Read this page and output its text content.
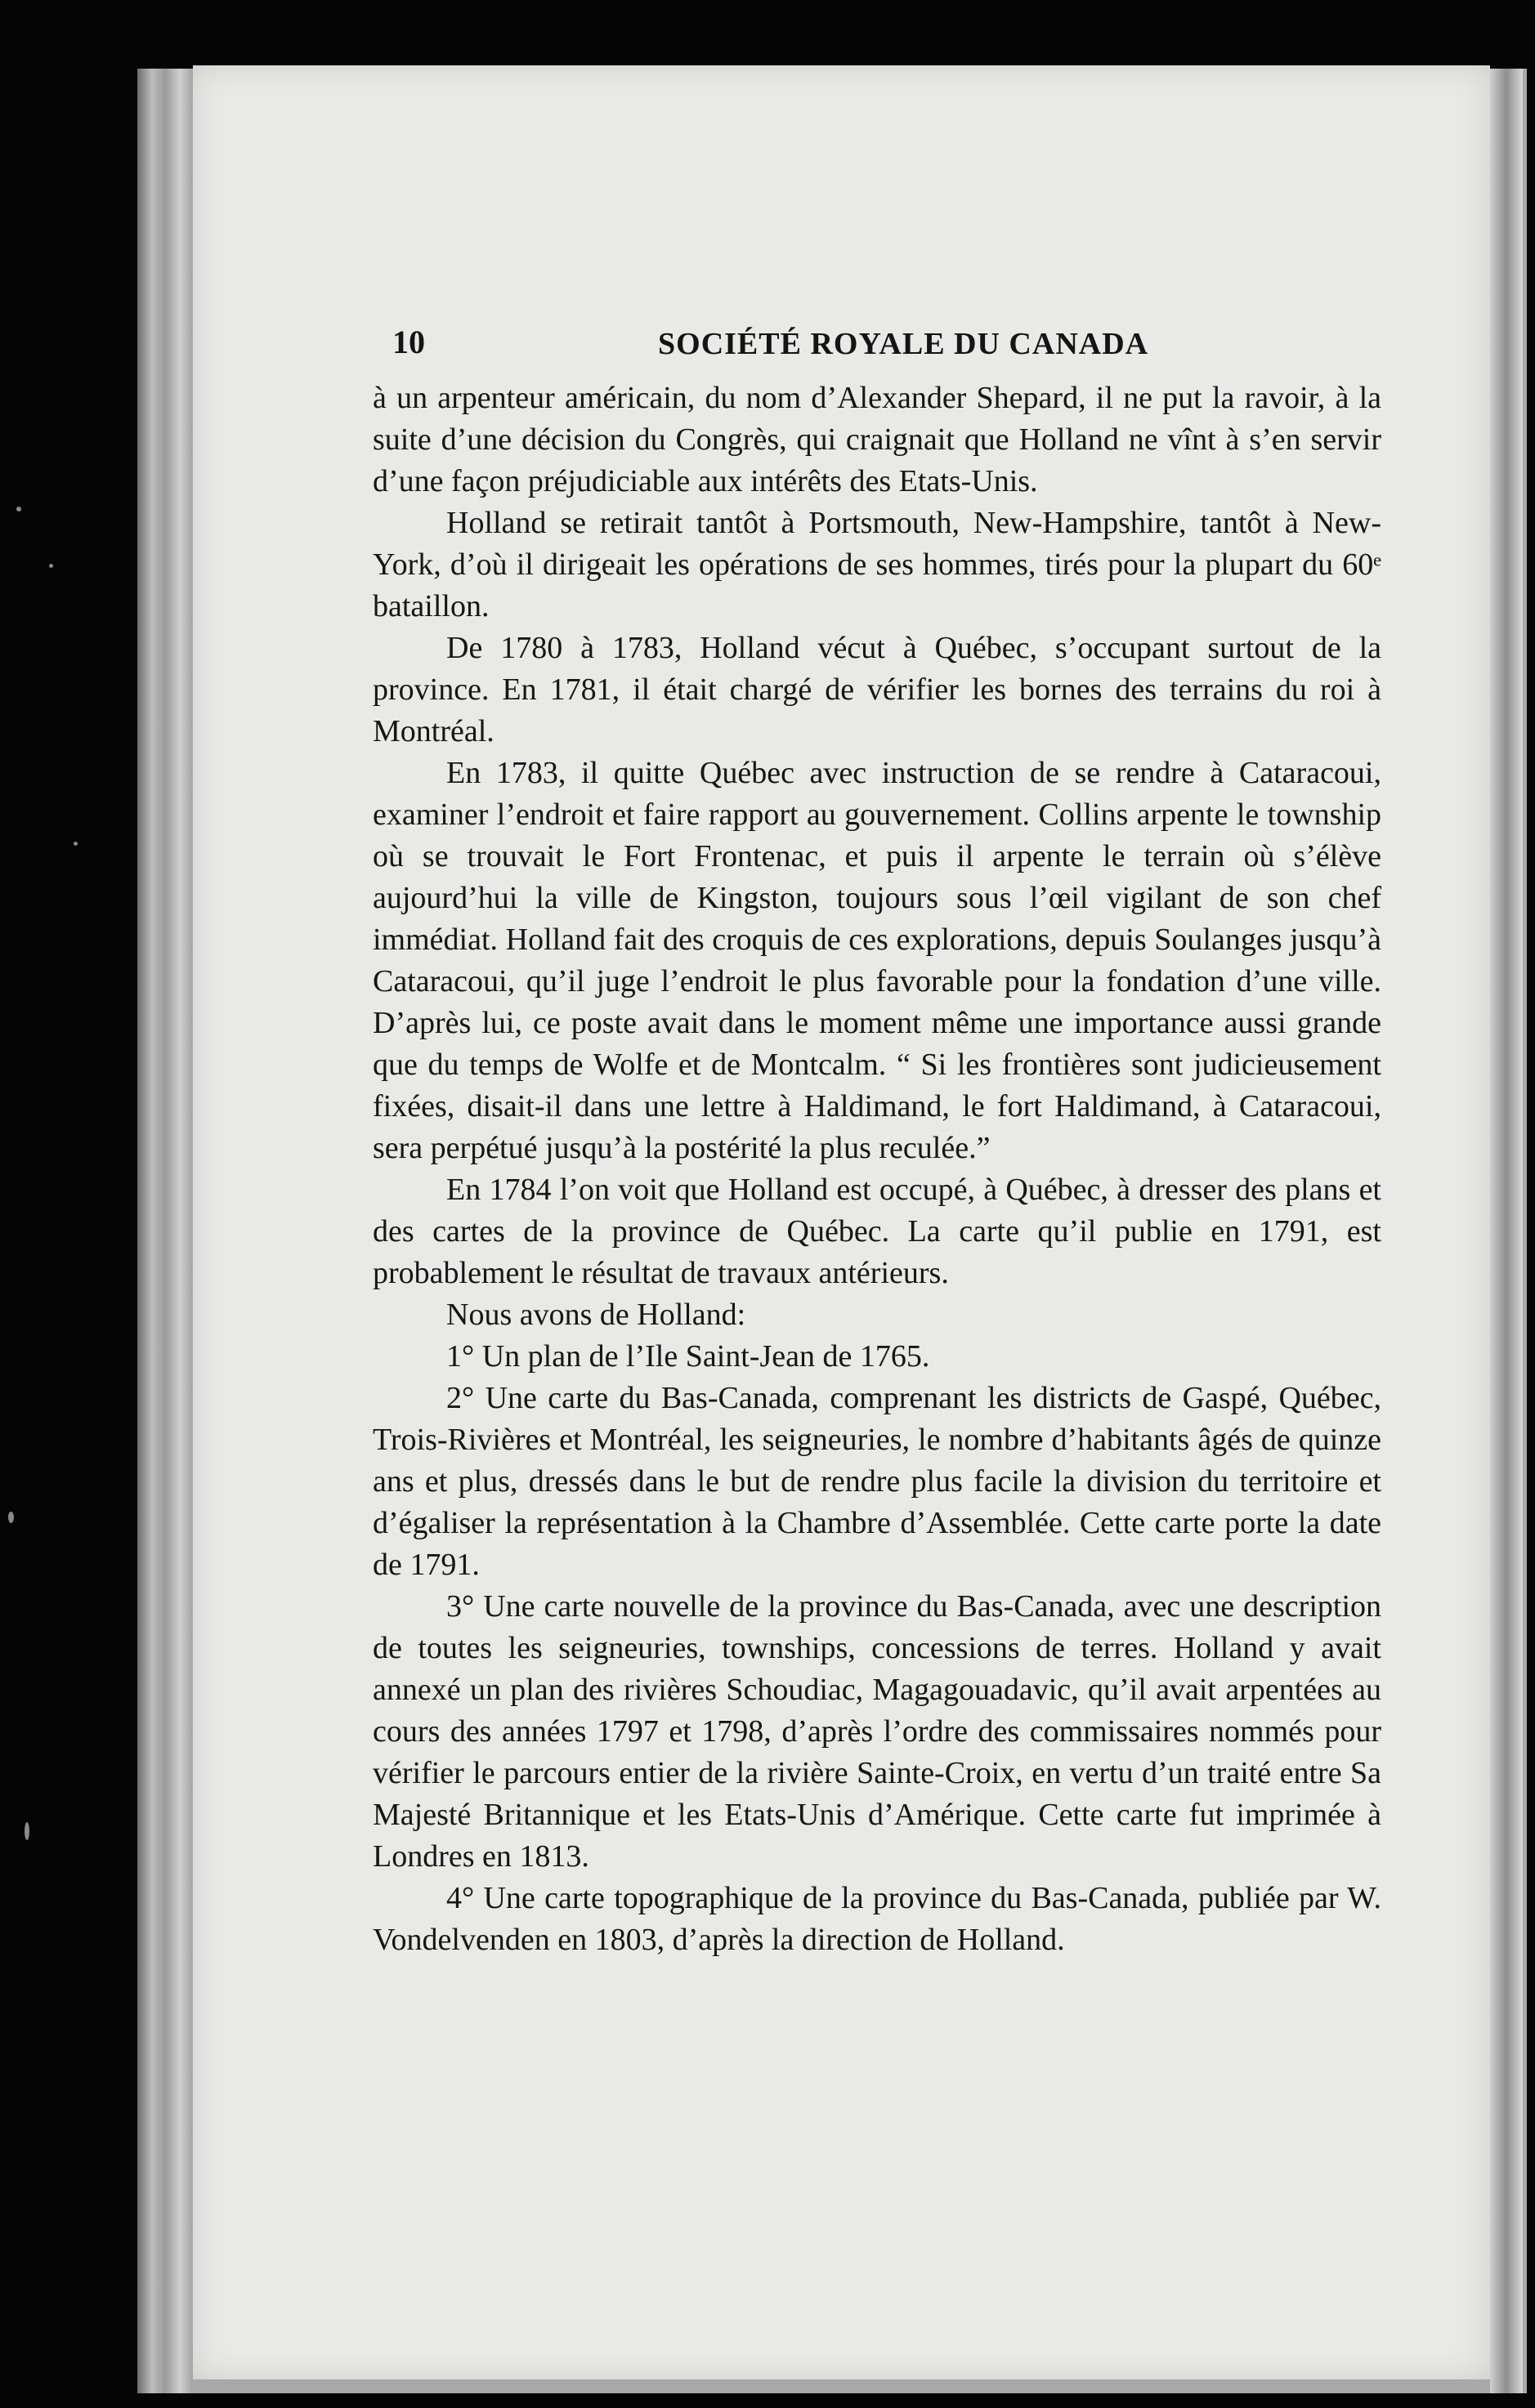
10	SOCIÉTÉ ROYALE DU CANADA

à un arpenteur américain, du nom d’Alexander Shepard, il ne put la ravoir, à la suite d’une décision du Congrès, qui craignait que Holland ne vînt à s’en servir d’une façon préjudiciable aux intérêts des Etats-Unis.

Holland se retirait tantôt à Portsmouth, New-Hampshire, tantôt à New-York, d’où il dirigeait les opérations de ses hommes, tirés pour la plupart du 60ᵉ bataillon.

De 1780 à 1783, Holland vécut à Québec, s’occupant surtout de la province. En 1781, il était chargé de vérifier les bornes des terrains du roi à Montréal.

En 1783, il quitte Québec avec instruction de se rendre à Cataracoui, examiner l’endroit et faire rapport au gouvernement. Collins arpente le township où se trouvait le Fort Frontenac, et puis il arpente le terrain où s’élève aujourd’hui la ville de Kingston, toujours sous l’œil vigilant de son chef immédiat. Holland fait des croquis de ces explorations, depuis Soulanges jusqu’à Cataracoui, qu’il juge l’endroit le plus favorable pour la fondation d’une ville. D’après lui, ce poste avait dans le moment même une importance aussi grande que du temps de Wolfe et de Montcalm. “ Si les frontières sont judicieusement fixées, disait-il dans une lettre à Haldimand, le fort Haldimand, à Cataracoui, sera perpétué jusqu’à la postérité la plus reculée.”

En 1784 l’on voit que Holland est occupé, à Québec, à dresser des plans et des cartes de la province de Québec. La carte qu’il publie en 1791, est probablement le résultat de travaux antérieurs.

Nous avons de Holland:

1° Un plan de l’Ile Saint-Jean de 1765.

2° Une carte du Bas-Canada, comprenant les districts de Gaspé, Québec, Trois-Rivières et Montréal, les seigneuries, le nombre d’habitants âgés de quinze ans et plus, dressés dans le but de rendre plus facile la division du territoire et d’égaliser la représentation à la Chambre d’Assemblée. Cette carte porte la date de 1791.

3° Une carte nouvelle de la province du Bas-Canada, avec une description de toutes les seigneuries, townships, concessions de terres. Holland y avait annexé un plan des rivières Schoudiac, Magagouadavic, qu’il avait arpentées au cours des années 1797 et 1798, d’après l’ordre des commissaires nommés pour vérifier le parcours entier de la rivière Sainte-Croix, en vertu d’un traité entre Sa Majesté Britannique et les Etats-Unis d’Amérique. Cette carte fut imprimée à Londres en 1813.

4° Une carte topographique de la province du Bas-Canada, publiée par W. Vondelvenden en 1803, d’après la direction de Holland.
